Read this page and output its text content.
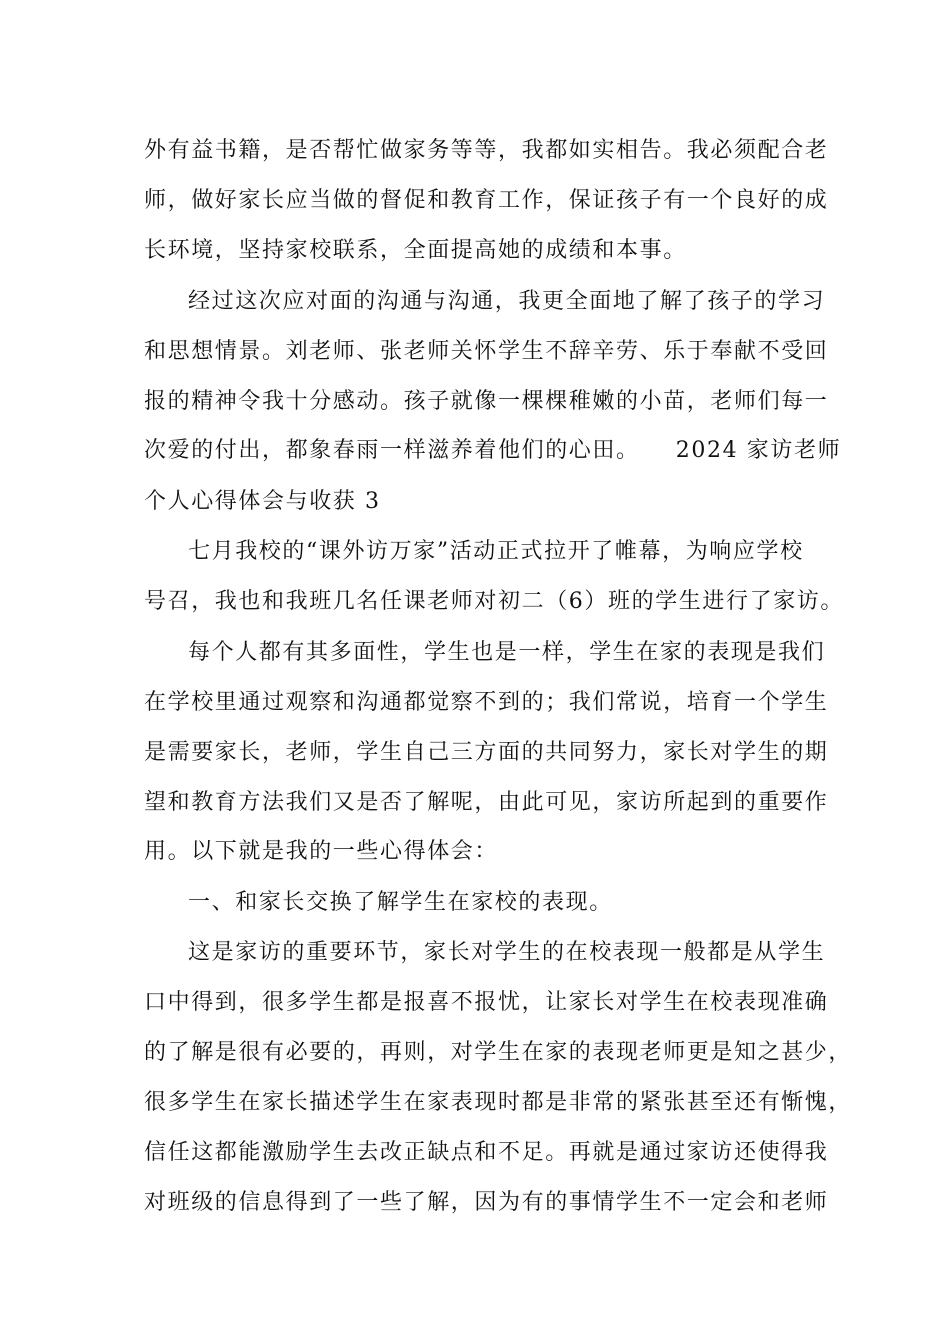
外有益书籍，是否帮忙做家务等等，我都如实相告。我必须配合老
师，做好家长应当做的督促和教育工作，保证孩子有一个良好的成
长环境，坚持家校联系，全面提高她的成绩和本事。
经过这次应对面的沟通与沟通，我更全面地了解了孩子的学习
和思想情景。刘老师、张老师关怀学生不辞辛劳、乐于奉献不受回
报的精神令我十分感动。孩子就像一棵棵稚嫩的小苗，老师们每一
次爱的付出，都象春雨一样滋养着他们的心田。　　2024 家访老师
个人心得体会与收获 3
七月我校的“课外访万家”活动正式拉开了帷幕，为响应学校
号召，我也和我班几名任课老师对初二（6）班的学生进行了家访。
每个人都有其多面性，学生也是一样，学生在家的表现是我们
在学校里通过观察和沟通都觉察不到的；我们常说，培育一个学生
是需要家长，老师，学生自己三方面的共同努力，家长对学生的期
望和教育方法我们又是否了解呢，由此可见，家访所起到的重要作
用。以下就是我的一些心得体会：
一、和家长交换了解学生在家校的表现。
这是家访的重要环节，家长对学生的在校表现一般都是从学生
口中得到，很多学生都是报喜不报忧，让家长对学生在校表现准确
的了解是很有必要的，再则，对学生在家的表现老师更是知之甚少，
很多学生在家长描述学生在家表现时都是非常的紧张甚至还有惭愧，
信任这都能激励学生去改正缺点和不足。再就是通过家访还使得我
对班级的信息得到了一些了解，因为有的事情学生不一定会和老师
